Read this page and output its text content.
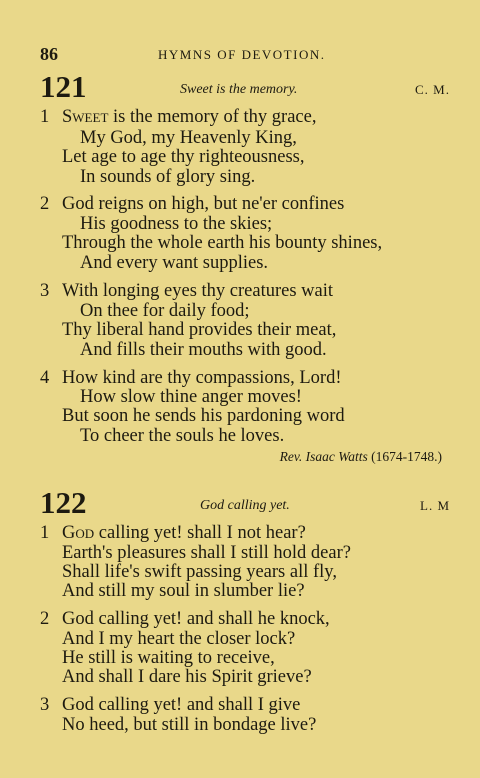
86	HYMNS OF DEVOTION.
121	Sweet is the memory.	C. M.
1 Sweet is the memory of thy grace,
My God, my Heavenly King,
Let age to age thy righteousness,
In sounds of glory sing.
2 God reigns on high, but ne'er confines
His goodness to the skies;
Through the whole earth his bounty shines,
And every want supplies.
3 With longing eyes thy creatures wait
On thee for daily food;
Thy liberal hand provides their meat,
And fills their mouths with good.
4 How kind are thy compassions, Lord!
How slow thine anger moves!
But soon he sends his pardoning word
To cheer the souls he loves.
Rev. Isaac Watts (1674-1748.)
122	God calling yet.	L. M
1 God calling yet! shall I not hear?
Earth's pleasures shall I still hold dear?
Shall life's swift passing years all fly,
And still my soul in slumber lie?
2 God calling yet! and shall he knock,
And I my heart the closer lock?
He still is waiting to receive,
And shall I dare his Spirit grieve?
3 God calling yet! and shall I give
No heed, but still in bondage live?
